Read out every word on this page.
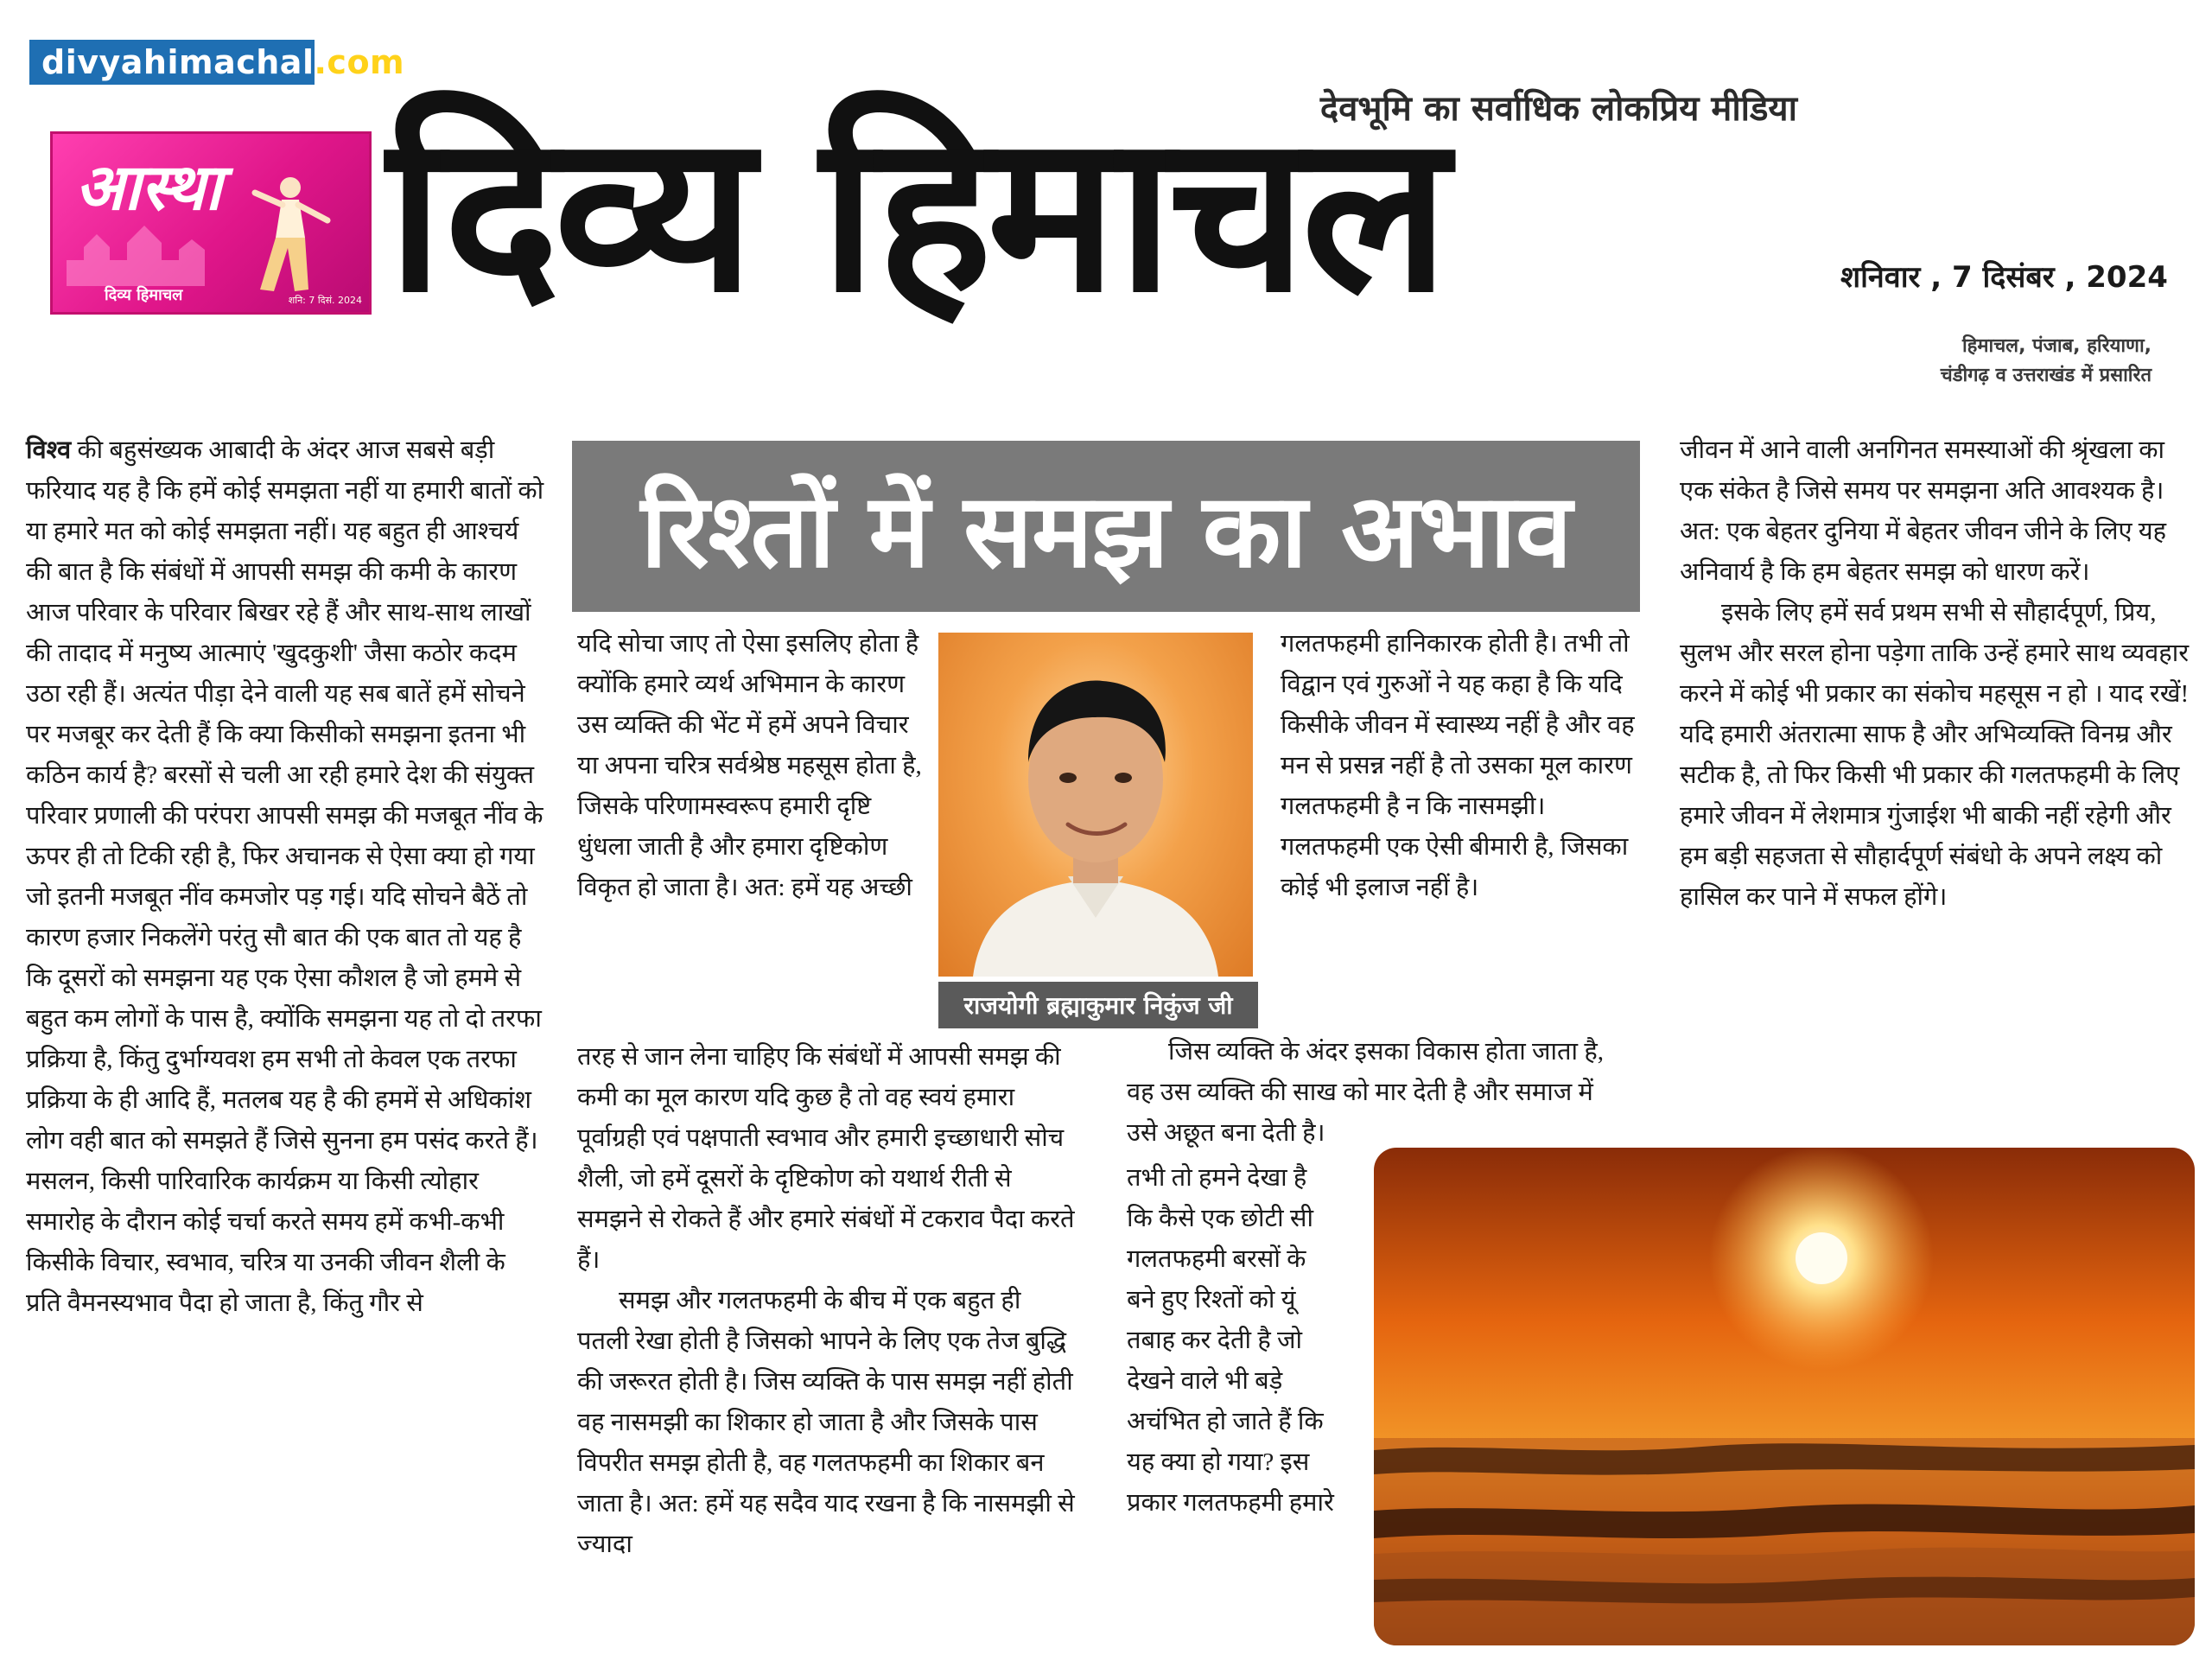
divyahimachal .com
आस्था
दिव्य हिमाचल	शनि: 7 दिसं. 2024 दिव्य हिमाचल
देवभूमि का सर्वाधिक लोकप्रिय मीडिया
शनिवार , 7 दिसंबर , 2024
हिमाचल, पंजाब, हरियाणा,
चंडीगढ़ व उत्तराखंड में प्रसारित
रिश्तों में समझ का अभाव

विश्व की बहुसंख्यक आबादी के अंदर आज सबसे बड़ी फरियाद यह है कि हमें कोई समझता नहीं या हमारी बातों को या हमारे मत को कोई समझता नहीं। यह बहुत ही आश्चर्य की बात है कि संबंधों में आपसी समझ की कमी के कारण आज परिवार के परिवार बिखर रहे हैं और साथ-साथ लाखों की तादाद में मनुष्य आत्माएं 'खुदकुशी' जैसा कठोर कदम उठा रही हैं। अत्यंत पीड़ा देने वाली यह सब बातें हमें सोचने पर मजबूर कर देती हैं कि क्या किसीको समझना इतना भी कठिन कार्य है? बरसों से चली आ रही हमारे देश की संयुक्त परिवार प्रणाली की परंपरा आपसी समझ की मजबूत नींव के ऊपर ही तो टिकी रही है, फिर अचानक से ऐसा क्या हो गया जो इतनी मजबूत नींव कमजोर पड़ गई। यदि सोचने बैठें तो कारण हजार निकलेंगे परंतु सौ बात की एक बात तो यह है कि दूसरों को समझना यह एक ऐसा कौशल है जो हममे से बहुत कम लोगों के पास है, क्योंकि समझना यह तो दो तरफा प्रक्रिया है, किंतु दुर्भाग्यवश हम सभी तो केवल एक तरफा प्रक्रिया के ही आदि हैं, मतलब यह है की हममें से अधिकांश लोग वही बात को समझते हैं जिसे सुनना हम पसंद करते हैं। मसलन, किसी पारिवारिक कार्यक्रम या किसी त्योहार समारोह के दौरान कोई चर्चा करते समय हमें कभी-कभी किसीके विचार, स्वभाव, चरित्र या उनकी जीवन शैली के प्रति वैमनस्यभाव पैदा हो जाता है, किंतु गौर से

यदि सोचा जाए तो ऐसा इसलिए होता है क्योंकि हमारे व्यर्थ अभिमान के कारण उस व्यक्ति की भेंट में हमें अपने विचार या अपना चरित्र सर्वश्रेष्ठ महसूस होता है, जिसके परिणामस्वरूप हमारी दृष्टि धुंधला जाती है और हमारा दृष्टिकोण विकृत हो जाता है। अत: हमें यह अच्छी

तरह से जान लेना चाहिए कि संबंधों में आपसी समझ की कमी का मूल कारण यदि कुछ है तो वह स्वयं हमारा पूर्वाग्रही एवं पक्षपाती स्वभाव और हमारी इच्छाधारी सोच शैली, जो हमें दूसरों के दृष्टिकोण को यथार्थ रीती से समझने से रोकते हैं और हमारे संबंधों में टकराव पैदा करते हैं।

समझ और गलतफहमी के बीच में एक बहुत ही पतली रेखा होती है जिसको भापने के लिए एक तेज बुद्धि की जरूरत होती है। जिस व्यक्ति के पास समझ नहीं होती वह नासमझी का शिकार हो जाता है और जिसके पास विपरीत समझ होती है, वह गलतफहमी का शिकार बन जाता है। अत: हमें यह सदैव याद रखना है कि नासमझी से ज्यादा

राजयोगी ब्रह्माकुमार निकुंज जी

गलतफहमी हानिकारक होती है। तभी तो विद्वान एवं गुरुओं ने यह कहा है कि यदि किसीके जीवन में स्वास्थ्य नहीं है और वह मन से प्रसन्न नहीं है तो उसका मूल कारण गलतफहमी है न कि नासमझी। गलतफहमी एक ऐसी बीमारी है, जिसका कोई भी इलाज नहीं है।

जिस व्यक्ति के अंदर इसका विकास होता जाता है, वह उस व्यक्ति की साख को मार देती है और समाज में उसे अछूत बना देती है।

तभी तो हमने देखा है कि कैसे एक छोटी सी गलतफहमी बरसों के बने हुए रिश्तों को यूं तबाह कर देती है जो देखने वाले भी बड़े अचंभित हो जाते हैं कि यह क्या हो गया? इस प्रकार गलतफहमी हमारे

जीवन में आने वाली अनगिनत समस्याओं की श्रृंखला का एक संकेत है जिसे समय पर समझना अति आवश्यक है। अत: एक बेहतर दुनिया में बेहतर जीवन जीने के लिए यह अनिवार्य है कि हम बेहतर समझ को धारण करें।

इसके लिए हमें सर्व प्रथम सभी से सौहार्दपूर्ण, प्रिय, सुलभ और सरल होना पड़ेगा ताकि उन्हें हमारे साथ व्यवहार करने में कोई भी प्रकार का संकोच महसूस न हो । याद रखें! यदि हमारी अंतरात्मा साफ है और अभिव्यक्ति विनम्र और सटीक है, तो फिर किसी भी प्रकार की गलतफहमी के लिए हमारे जीवन में लेशमात्र गुंजाईश भी बाकी नहीं रहेगी और हम बड़ी सहजता से सौहार्दपूर्ण संबंधो के अपने लक्ष्य को हासिल कर पाने में सफल होंगे।
